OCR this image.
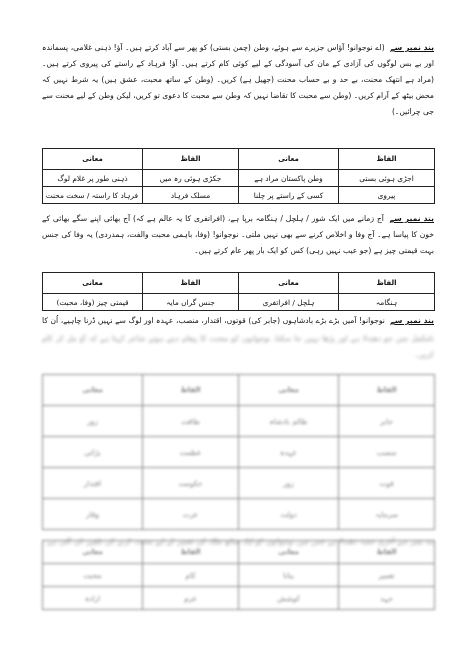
بند نمبر سے (اے نوجوانو! آؤاس جزیرے سے ہوئے، وطن (چمن بستی) کو پھر سے آباد کرتے ہیں۔ آؤ! ذہنی غلامی، پسماندہ اور بے بس لوگوں کی آزادی کے مان کی آسودگی کے لیے کوئی کام کرتے ہیں۔ آؤ! فرہاد کے راستے کی پیروی کرتے ہیں۔ (مراد ہے انتھک محنت، بے حد و بے حساب محنت (جھیل ہے) کریں۔ (وطن کے ساتھ محبت، عشق ہیں) یہ شرط نہیں کہ محض بیٹھ کے آرام کریں۔ (وطن سے محبت کا تقاضا نہیں کہ وطن سے محبت کا دعوی تو کریں، لیکن وطن کے لیے محنت سے جی چرائیں۔)
الفاظ	معانی	الفاظ	معانی
اجڑی ہوئی بستی	وطن پاکستان مراد ہے	جکڑی ہوئی رہ میں	ذہنی طور پر غلام لوگ
پیروی	کسی کے راستے پر چلنا	مسلک فرہاد	فرہاد کا راستہ / سخت محنت
بند نمبر سے آج زمانے میں ایک شور / ہلچل / ہنگامہ برپا ہے، (افراتفری کا یہ عالم ہے کہ) آج بھائی اپنے سگے بھائی کے خون کا پیاسا ہے۔ آج وفا و اخلاص کرنے سے بھی نہیں ملتی۔ نوجوانو! (وفا، باہمی محبت والفت، ہمدردی) یہ وفا کی جنس بہت قیمتی چیز ہے (جو عیب نہیں رہی) کس کو ایک بار پھر عام کرتے ہیں۔
الفاظ	معانی	الفاظ	معانی
ہنگامہ	ہلچل / افراتفری	جنس گراں مایہ	قیمتی چیز (وفا، محبت)
بند نمبر سے نوجوانو! آمیں بڑے بڑے بادشاہوں (جابر کی) قوتوں، اقتدار، منصب، عہدہ اور لوگ سے نہیں ڈرنا چاہیے، اُن کا
نامکمل متن جو دھندلا ہے اور پڑھا نہیں جا سکتا، نوجوانوں کو محنت کا پیغام دیتے ہوئے شاعر کہتا ہے کہ آؤ مل کر کام کریں۔
الفاظ	معانی	الفاظ	معانی
جابر	ظالم بادشاہ	طاقت	زور
منصب	عہدہ	عظمت	بڑائی
قوت	زور	حکومت	اقتدار
سرمایہ	دولت	عزت	وقار
بند نمبر سے آخری حصہ دھندلا ہے جس میں نوجوانوں کو ایک ساتھ ملک کی تعمیر کے لیے محنت کرنے کی تلقین کی گئی ہے۔
الفاظ	معانی	الفاظ	معانی
تعمیر	بنانا	کام	محنت
جہد	کوشش	عزم	ارادہ
